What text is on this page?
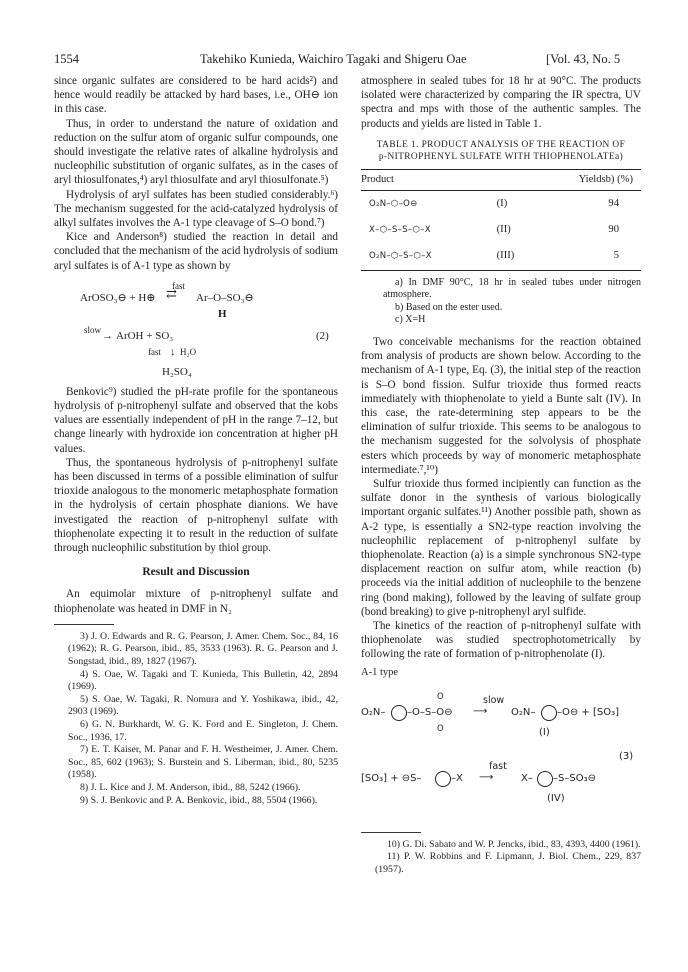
1554	Takehiko Kunieda, Waichiro Tagaki and Shigeru Oae	[Vol. 43, No. 5

since organic sulfates are considered to be hard acids²) and hence would readily be attacked by hard bases, i.e., OH⊖ ion in this case.

Thus, in order to understand the nature of oxidation and reduction on the sulfur atom of organic sulfur compounds, one should investigate the relative rates of alkaline hydrolysis and nucleophilic substitution of organic sulfates, as in the cases of aryl thiosulfonates,⁴) aryl thiosulfate and aryl thiosulfonate.⁵)

Hydrolysis of aryl sulfates has been studied considerably.⁶) The mechanism suggested for the acid-catalyzed hydrolysis of alkyl sulfates involves the A-1 type cleavage of S–O bond.⁷)

Kice and Anderson⁸) studied the reaction in detail and concluded that the mechanism of the acid hydrolysis of sodium aryl sulfates is of A-1 type as shown by

ArOSO₃⊖ + H⊕
fast
⇄ Ar–O–SO₃⊖
H
slow → ArOH + SO₃	(2)
fast ↓ H₂O
H₂SO₄

Benkovic⁹) studied the pH-rate profile for the spontaneous hydrolysis of p-nitrophenyl sulfate and observed that the kobs values are essentially independent of pH in the range 7–12, but change linearly with hydroxide ion concentration at higher pH values.

Thus, the spontaneous hydrolysis of p-nitrophenyl sulfate has been discussed in terms of a possible elimination of sulfur trioxide analogous to the monomeric metaphosphate formation in the hydrolysis of certain phosphate dianions. We have investigated the reaction of p-nitrophenyl sulfate with thiophenolate expecting it to result in the reduction of sulfate through nucleophilic substitution by thiol group.

Result and Discussion

An equimolar mixture of p-nitrophenyl sulfate and thiophenolate was heated in DMF in N₂

3) J. O. Edwards and R. G. Pearson, J. Amer. Chem. Soc., 84, 16 (1962); R. G. Pearson, ibid., 85, 3533 (1963). R. G. Pearson and J. Songstad, ibid., 89, 1827 (1967).

4) S. Oae, W. Tagaki and T. Kunieda, This Bulletin, 42, 2894 (1969).

5) S. Oae, W. Tagaki, R. Nomura and Y. Yoshikawa, ibid., 42, 2903 (1969).

6) G. N. Burkhardt, W. G. K. Ford and E. Singleton, J. Chem. Soc., 1936, 17.

7) E. T. Kaiser, M. Panar and F. H. Westheimer, J. Amer. Chem. Soc., 85, 602 (1963); S. Burstein and S. Liberman, ibid., 80, 5235 (1958).

8) J. L. Kice and J. M. Anderson, ibid., 88, 5242 (1966).

9) S. J. Benkovic and P. A. Benkovic, ibid., 88, 5504 (1966).

atmosphere in sealed tubes for 18 hr at 90°C. The products isolated were characterized by comparing the IR spectra, UV spectra and mps with those of the authentic samples. The products and yields are listed in Table 1.

TABLE 1. PRODUCT ANALYSIS OF THE REACTION OF
p-NITROPHENYL SULFATE WITH THIOPHENOLATEa)
Product	Yieldsb) (%)
O₂N–⬡–O⊖ (I)	94
X–⬡–S–S–⬡–X (II)	90
O₂N–⬡–S–⬡–X (III)	5

a) In DMF 90°C, 18 hr in sealed tubes under nitrogen atmosphere.

b) Based on the ester used.

c) X=H

Two conceivable mechanisms for the reaction obtained from analysis of products are shown below. According to the mechanism of A-1 type, Eq. (3), the initial step of the reaction is S–O bond fission. Sulfur trioxide thus formed reacts immediately with thiophenolate to yield a Bunte salt (IV). In this case, the rate-determining step appears to be the elimination of sulfur trioxide. This seems to be analogous to the mechanism suggested for the solvolysis of phosphate esters which proceeds by way of monomeric metaphosphate intermediate.⁷,¹⁰)

Sulfur trioxide thus formed incipiently can function as the sulfate donor in the synthesis of various biologically important organic sulfates.¹¹) Another possible path, shown as A-2 type, is essentially a SN2-type reaction involving the nucleophilic replacement of p-nitrophenyl sulfate by thiophenolate. Reaction (a) is a simple synchronous SN2-type displacement reaction on sulfur atom, while reaction (b) proceeds via the initial addition of nucleophile to the benzene ring (bond making), followed by the leaving of sulfate group (bond breaking) to give p-nitrophenyl aryl sulfide.

The kinetics of the reaction of p-nitrophenyl sulfate with thiophenolate was studied spectrophotometrically by following the rate of formation of p-nitrophenolate (I).

A-1 type
O₂N– –O–S–O⊖
O
O
slow
⟶ O₂N– –O⊖ + [SO₃]
(I)
(3)
[SO₃] + ⊖S–	–X
fast
⟶	X– –S–SO₃⊖
(IV)

10) G. Di. Sabato and W. P. Jencks, ibid., 83, 4393, 4400 (1961).

11) P. W. Robbins and F. Lipmann, J. Biol. Chem., 229, 837 (1957).
